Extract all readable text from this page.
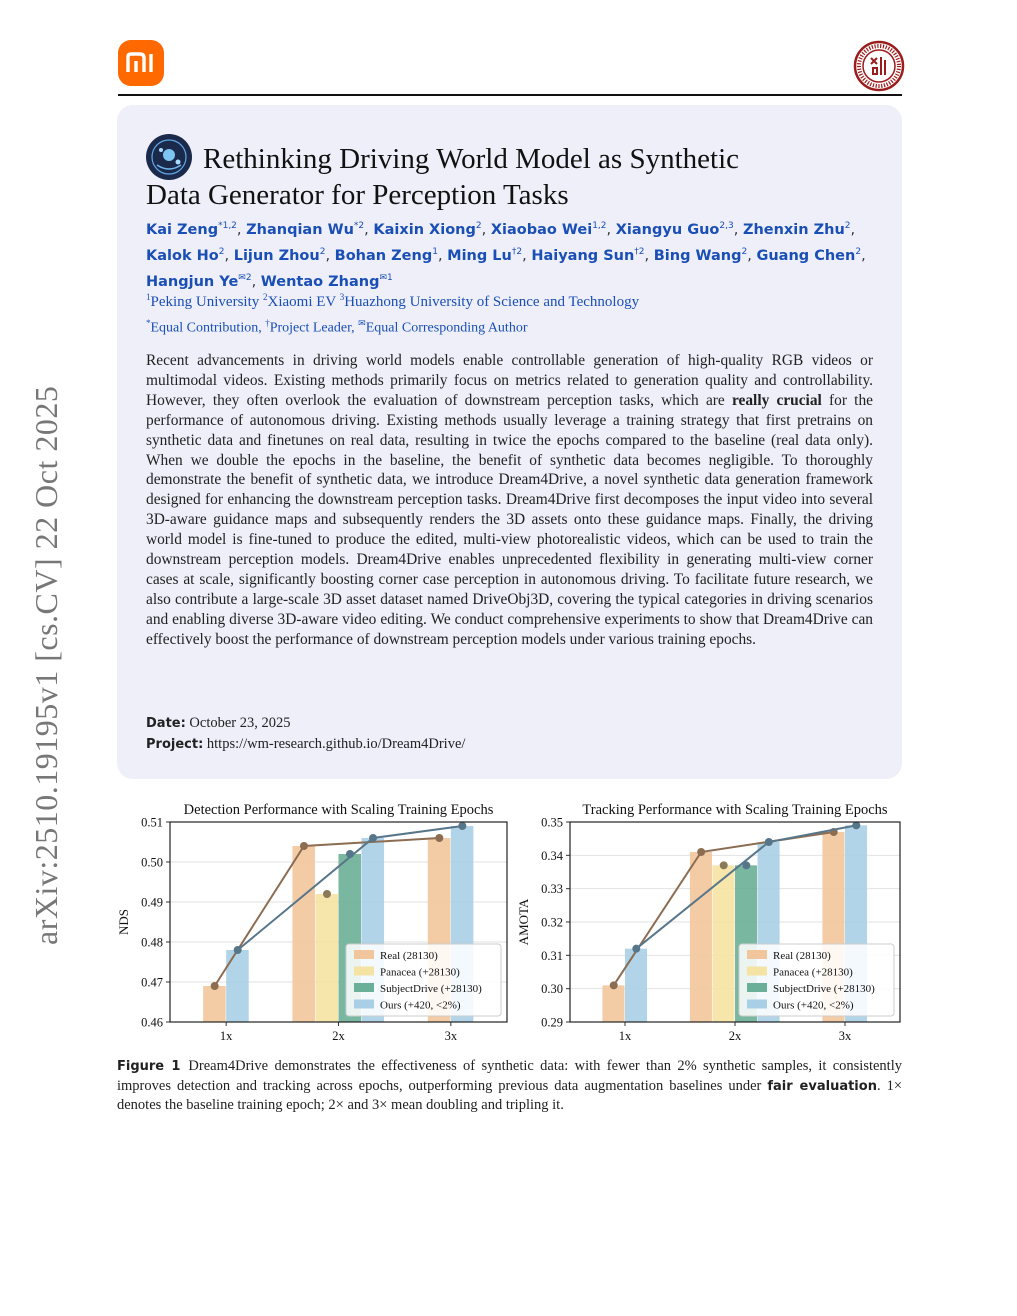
arXiv:2510.19195v1 [cs.CV] 22 Oct 2025
Rethinking Driving World Model as Synthetic
Data Generator for Perception Tasks
Kai Zeng$^{*1,2}$, Zhanqian Wu$^{*2}$, Kaixin Xiong$^2$, Xiaobao Wei$^{1,2}$, Xiangyu Guo$^{2,3}$, Zhenxin Zhu$^2$,
Kalok Ho$^2$, Lijun Zhou$^2$, Bohan Zeng$^1$, Ming Lu$^{\dagger 2}$, Haiyang Sun$^{\dagger 2}$, Bing Wang$^2$, Guang Chen$^2$,
Hangjun $Ye^{✉2}$, Wentao Zhang$^{✉1}$
$^1$Peking University $^2$Xiaomi EV $^3$Huazhong University of Science and Technology
*Equal Contribution, †Project Leader, ✉Equal Corresponding Author
Recent advancements in driving world models enable controllable generation of high-quality RGB videos or multimodal videos. Existing methods primarily focus on metrics related to generation quality and controllability. However, they often overlook the evaluation of downstream perception tasks, which are really crucial for the performance of autonomous driving. Existing methods usually leverage a training strategy that first pretrains on synthetic data and finetunes on real data, resulting in twice the epochs compared to the baseline (real data only). When we double the epochs in the baseline, the benefit of synthetic data becomes negligible. To thoroughly demonstrate the benefit of synthetic data, we introduce Dream4Drive, a novel synthetic data generation framework designed for enhancing the downstream perception tasks. Dream4Drive first decomposes the input video into several 3D-aware guidance maps and subsequently renders the 3D assets onto these guidance maps. Finally, the driving world model is fine-tuned to produce the edited, multi-view photorealistic videos, which can be used to train the downstream perception models. Dream4Drive enables unprecedented flexibility in generating multi-view corner cases at scale, significantly boosting corner case perception in autonomous driving. To facilitate future research, we also contribute a large-scale 3D asset dataset named DriveObj3D, covering the typical categories in driving scenarios and enabling diverse 3D-aware video editing. We conduct comprehensive experiments to show that Dream4Drive can effectively boost the performance of downstream perception models under various training epochs.
Date: October 23, 2025
Project: https://wm-research.github.io/Dream4Drive/
Detection Performance with Scaling Training Epochs
0.46
0.47
0.48
0.49
0.50
0.51
NDS
1x	2x	3x
Real (28130)
Panacea (+28130)
SubjectDrive (+28130)
Ours (+420, <2%)
Tracking Performance with Scaling Training Epochs
0.29
0.30
0.31
0.32
0.33
0.34
0.35
AMOTA
1x	2x	3x
Real (28130)
Panacea (+28130)
SubjectDrive (+28130)
Ours (+420, <2%)
Figure 1 Dream4Drive demonstrates the effectiveness of synthetic data: with fewer than 2% synthetic samples, it consistently improves detection and tracking across epochs, outperforming previous data augmentation baselines under fair evaluation. 1× denotes the baseline training epoch; 2× and 3× mean doubling and tripling it.
